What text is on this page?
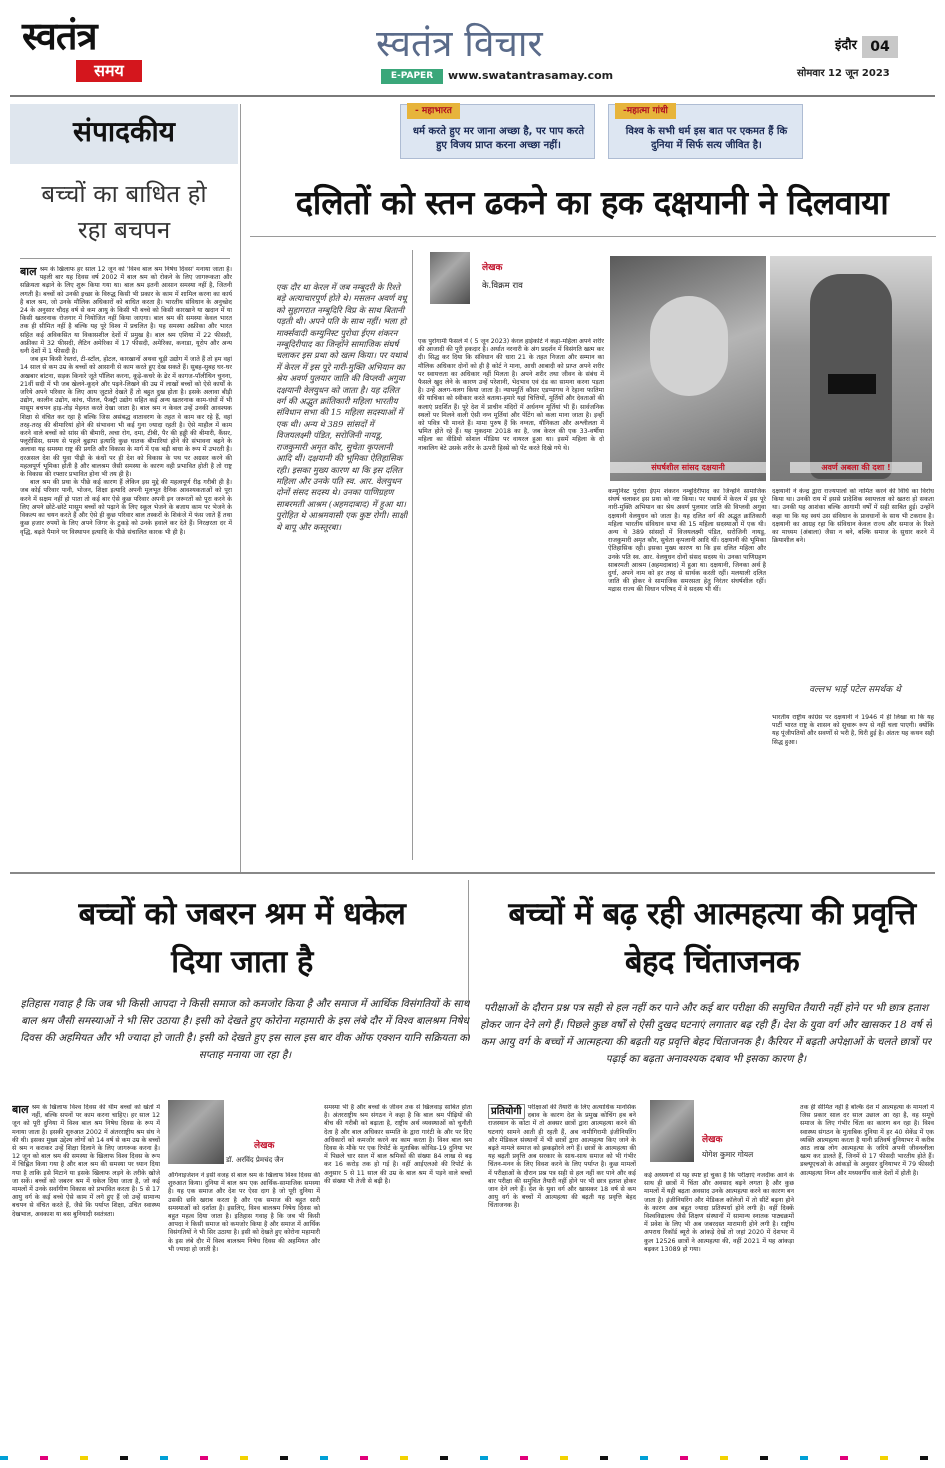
स्वतंत्र
समय
स्वतंत्र विचार
E-PAPER	www.swatantrasamay.com
इंदौर 04
सोमवार 12 जून 2023
- महाभारत
धर्म करते हुए मर जाना अच्छा है, पर पाप करते हुए विजय प्राप्त करना अच्छा नहीं।
-महात्मा गांधी
विश्व के सभी धर्म इस बात पर एकमत हैं कि दुनिया में सिर्फ सत्य जीवित है।
संपादकीय
बच्चों का बाधित हो रहा बचपन
बाल श्रम के खिलाफ हर साल 12 जून को 'विश्व बाल श्रम निषेध दिवस' मनाया जाता है। पहली बार यह दिवस वर्ष 2002 में बाल श्रम को रोकने के लिए जागरूकता और सक्रियता बढ़ाने के लिए शुरू किया गया था। बाल श्रम इतनी आसान समस्या नहीं है, जितनी लगती है। बच्चों को उनकी इच्छा के विरुद्ध किसी भी प्रकार के काम में शामिल करना का कार्य है बाल श्रम, जो उनके मौलिक अधिकारों को बाधित करता है। भारतीय संविधान के अनुच्छेद 24 के अनुसार चौदह वर्ष से कम आयु के किसी भी बच्चे को किसी कारखाने या खदान में या किसी खतरनाक रोजगार में नियोजित नहीं किया जाएगा। बाल श्रम की समस्या केवल भारत तक ही सीमित नहीं है बल्कि यह पूरे विश्व में प्रचलित है। यह समस्या अफ्रीका और भारत सहित कई अविकसित या विकासशील देशों में प्रमुख है। बाल श्रम एशिया में 22 फीसदी, अफ्रीका में 32 फीसदी, लैटिन अमेरिका में 17 फीसदी, अमेरिका, कनाडा, यूरोप और अन्य धनी देशों में 1 फीसदी है।
जब हम किसी रेस्तरां, टी-स्टॉल, होटल, कारखानों अथवा चूड़ी उद्योग में जाते हैं तो हम वहां 14 साल से कम उम्र के बच्चों को आसानी से काम करते हुए देख सकते हैं। सुबह-सुबह घर-घर अखबार बांटना, सड़क किनारे जूते पॉलिश करना, कूड़े-कचरे के ढेर में कागज-पॉलीथिन चुनना, 21वीं सदी में भी जब खेलने-कूदने और पढ़ने-लिखने की उम्र में लाखों बच्चों को ऐसे कार्यों के जरिये अपने परिवार के लिए आय जुटाते देखते हैं तो बहुत दुख होता है। इसके अलावा बीड़ी उद्योग, कालीन उद्योग, कांच, पीतल, फैक्ट्री उद्योग सहित कई अन्य खतरनाक काम-धंधों में भी मासूम बचपन हाड़-तोड़ मेहनत करते देखा जाता है। बाल श्रम न केवल उन्हें उनकी आवश्यक शिक्षा से वंचित कर रहा है बल्कि जिस असंबद्ध वातावरण के तहत वे काम कर रहे हैं, वहां तरह-तरह की बीमारियां होने की संभावना भी कई गुना ज्यादा रहती है। ऐसे माहौल में काम करने वाले बच्चों को सांस की बीमारी, त्वचा रोग, दमा, टीबी, पैर की हड्डी की बीमारी, कैंसर, फ्लूरोसिस, समय से पहले बुढ़ापा इत्यादि कुछ घातक बीमारियां होने की संभावना बढ़ने के अलावा यह समस्या राष्ट्र की प्रगति और विकास के मार्ग में एक बड़ी बाधा के रूप में उभरती है। दरअसल देश की युवा पीढ़ी के कंधों पर ही देश को विकास के पथ पर अग्रसर करने की महत्वपूर्ण भूमिका होती है और बालश्रम जैसी समस्या के कारण वही प्रभावित होती है तो राष्ट्र के विकास की रफ्तार प्रभावित होना भी तय ही है।
बाल श्रम की प्रथा के पीछे कई कारण हैं लेकिन इस मुद्दे की महत्वपूर्ण रीढ़ गरीबी ही है। जब कोई परिवार पानी, भोजन, शिक्षा इत्यादि अपनी मूलभूत दैनिक आवश्यकताओं को पूरा करने में सक्षम नहीं हो पाता तो कई बार ऐसे कुछ परिवार अपनी इन जरूरतों को पूरा करने के लिए अपने छोटे-छोटे मासूम बच्चों को पढ़ाने के लिए स्कूल भेजने के बजाय काम पर भेजने के विकल्प का चयन करते हैं और ऐसे ही कुछ परिवार बाल तस्करों के शिकंजे में फंस जाते हैं तथा कुछ हजार रुपयों के लिए अपने जिगर के टुकड़े को उनके हवाले कर देते हैं। निरक्षरता दर में वृद्धि, बढ़ते पैमाने पर विस्थापन इत्यादि के पीछे संचालित कारक भी ही है।
दलितों को स्तन ढकने का हक दक्षयानी ने दिलवाया
एक दौर था केरल में जब नम्बूदरी के रिश्ते बड़े अत्याचारपूर्ण होते थे। मसलन अवर्ण वधू को सुहागरात नम्बूदिरि विप्र के साथ बितानी पड़ती थी। अपने पति के साथ नहीं। भला हो मार्क्सवादी कम्युनिस्ट पुरोधा ईएम शंकरन नम्बूदिरीपाद का जिन्होंने सामाजिक संघर्ष चलाकर इस प्रथा को खत्म किया। पर यथार्थ में केरल में इस पूरे नारी-मुक्ति अभियान का श्रेय अवर्ण पुलयार जाति की विप्लवी अगुवा दक्षयानी वेलयुधन को जाता है। यह दलित वर्ग की अद्भुत क्रांतिकारी महिला भारतीय संविधान सभा की 15 महिला सदस्याओं में एक थी। अन्य थे 389 सांसदों में विजयलक्ष्मी पंडित, सरोजिनी नायडू, राजकुमारी अमृत कौर, सुचेता कृपलानी आदि थीं। दक्षयानी की भूमिका ऐतिहासिक रही। इसका मुख्य कारण था कि इस दलित महिला और उनके पति स्व. आर. वेलयुधन दोनों संसद सदस्य थे। उनका पाणिग्रहण साबरमती आश्रम (अहमदाबाद) में हुआ था। पुरोहित थे आश्रमवासी एक कुष्ट रोगी। साक्षी थे बापू और कस्तूरबा।
लेखक
के.विक्रम राव
एक पुरोगामी फैसले में ( 5 जून 2023) केरल हाईकोर्ट ने कहा-महिला अपने शरीर की आजादी की पूरी हकदार है। अर्थात नरनारी के अंग प्रदर्शन में विसंगति खत्म कर दी। सिद्ध कर दिया कि संविधान की धारा 21 के तहत निजता और सम्मान का मौलिक अधिकार दोनों को ही है कोर्ट ने माना, आधी आबादी को प्राप्त अपने शरीर पर स्वायत्तता का अधिकार नहीं मिलता है। अपने शरीर तथा जीवन के संबंध में फैसले खुद लेने के कारण उन्हें परेशानी, भेदभाव एवं दंड का सामना करना पड़ता है। उन्हें अलग-थलग किया जाता है। न्यायमूर्ति कौसर एडप्पागथ ने रेहाना फातिमा की याचिका को स्वीकार करते बताया-हमारे यहां चित्तियों, मूर्तियों और देवताओं की कलाएं प्रदर्शित हैं। पूरे देश में प्राचीन मंदिरों में अर्धनग्न मूर्तियां भी हैं। सार्वजनिक स्थलों पर मिलने वाली ऐसी नग्न मूर्तियां और पेंटिंग को कला माना जाता है। इन्हीं को पवित्र भी मानते हैं। मामा पुरुष हैं कि नग्नता, यौनिकता और अश्लीलता में भ्रमित होते रहे हैं। यह मुकदमा 2018 का है, जब केरल की एक 33-वर्षीया महिला का वीडियो सोशल मीडिया पर वायरल हुआ था। इसमें महिला के दो नाबालिग बेटे उसके शरीर के ऊपरी हिस्से को पेंट करते दिखे गये थे।
संघर्षशील सांसद दक्षयानी	अवर्ण अबला की दशा !
कम्युनिस्ट पुरोधा ईएम शंकरन नम्बूदिरीपाद का जिन्होंने सामाजिक संघर्ष चलाकर इस प्रथा को नष्ट किया। पर यथार्थ में केरल में इस पूरे नारी-मुक्ति अभियान का श्रेय अवर्ण पुलयार जाति की विप्लवी अगुवा दक्षयानी वेलयुधन को जाता है। यह दलित वर्ग की अद्भुत क्रांतिकारी महिला भारतीय संविधान सभा की 15 महिला सदस्याओं में एक थी। अन्य थे 389 सांसदों में विजयलक्ष्मी पंडित, सरोजिनी नायडू, राजकुमारी अमृत कौर, सुचेता कृपलानी आदि थीं। दक्षयानी की भूमिका ऐतिहासिक रही। इसका मुख्य कारण था कि इस दलित महिला और उनके पति स्व. आर. वेलयुधन दोनों संसद सदस्य थे। उनका पाणिग्रहण साबरमती आश्रम (अहमदाबाद) में हुआ था। दक्षयानी, जिनका अर्थ है दुर्गा, अपने नाम को हर तरह से सार्थक करती रहीं। मलयाली दलित जाति की होकर वे सामाजिक समरसता हेतु निरंतर संघर्षशील रहीं। मद्रास राज्य की विधान परिषद में वे सदस्य भी थीं।
दक्षयानी ने केन्द्र द्वारा राज्यपालों को नामित करने की विधि का विरोध किया था। उनकी राय में इससे प्रादेशिक स्वायत्तता को खतरा हो सकता था। उनकी यह आशंका बल्कि आगामी वर्षों में सही साबित हुई। उन्होंने कहा था कि यह स्वयं उस संविधान के प्रावधानों के साथ भी टकराव है। दक्षयानी का आग्रह रहा कि संविधान केवल राज्य और समाज के रिश्ते का माध्यम (अंबाला) जैसा न बने, बल्कि समाज के सुधार करने में क्रियाशील बने।
वल्लभ भाई पटेल समर्थक थे
भारतीय राष्ट्रीय कांग्रेस पर दक्षयानी ने 1946 में ही लिखा था कि यह पार्टी भारत राष्ट्र के शासन को सुचारू रूप से नहीं चला पाएगी। क्योंकि यह पूंजीपतियों और सवर्णों से भरी है, घिरी हुई है। अंततः यह कथन सही सिद्ध हुआ।
बच्चों को जबरन श्रम में धकेल दिया जाता है
इतिहास गवाह है कि जब भी किसी आपदा ने किसी समाज को कमजोर किया है और समाज में आर्थिक विसंगतियों के साथ बाल श्रम जैसी समस्याओं ने भी सिर उठाया है। इसी को देखते हुए कोरोना महामारी के इस लंबे दौर में विश्व बालश्रम निषेध दिवस की अहमियत और भी ज्यादा हो जाती है। इसी को देखते हुए इस साल इस बार वीक ऑफ एक्शन यानि सक्रियता का सप्ताह मनाया जा रहा है।
बाल श्रम के खिलाफ विश्व दिवस की थीम बच्चों को खेतों में नहीं, बल्कि सपनों पर काम करना चाहिए। हर साल 12 जून को पूरी दुनिया में विश्व बाल श्रम निषेध दिवस के रूप में मनाया जाता है। इसकी शुरुआत 2002 में अंतरराष्ट्रीय श्रम संघ ने की थी। इसका मुख्य उद्देश्य लोगों को 14 वर्ष से कम उम्र के बच्चों से श्रम न कराकर उन्हें शिक्षा दिलाने के लिए जागरूक करना है। 12 जून को बाल श्रम की समस्या के खिलाफ विश्व दिवस के रूप में चिह्नित किया गया है और बाल श्रम की समस्या पर ध्यान दिया गया है ताकि इसे मिटाने या इसके खिलाफ लड़ने के तरीके खोजे जा सकें। बच्चों को जबरन श्रम में धकेल दिया जाता है, जो कई मामलों में उनके सर्वांगीण विकास को प्रभावित करता है। 5 से 17 आयु वर्ग के कई बच्चे ऐसे काम में लगे हुए हैं जो उन्हें सामान्य बचपन से वंचित करते हैं, जैसे कि पर्याप्त शिक्षा, उचित स्वास्थ्य देखभाल, अवकाश या बस बुनियादी स्वतंत्रता।
लेखक
डॉ. अरविंद प्रेमचंद जैन
ऑर्गनाइजेशन ने इसी वजह से बाल श्रम के खिलाफ विश्व दिवस की शुरुआत किया। दुनिया में बाल श्रम एक आर्थिक-सामाजिक समस्या है। यह एक समाज और देश पर ऐसा दाग है जो पूरी दुनिया में उसकी छवि खराब करता है और एक समाज की बहुत सारी समस्याओं को दर्शाता है। इसलिए, विश्व बालश्रम निषेध दिवस को बहुत महत्व दिया जाता है। इतिहास गवाह है कि जब भी किसी आपदा ने किसी समाज को कमजोर किया है और समाज में आर्थिक विसंगतियों ने भी सिर उठाया है। इसी को देखते हुए कोरोना महामारी के इस लंबे दौर में विश्व बालश्रम निषेध दिवस की अहमियत और भी ज्यादा हो जाती है।
समस्या भी है और बच्चों के जीवन तक से खिलवाड़ साबित होता है। अंतरराष्ट्रीय श्रम संगठन ने कहा है कि बाल श्रम पीढ़ियों की बीच की गरीबी को बढ़ाता है, राष्ट्रीय अर्थ व्यवस्थाओं को चुनौती देता है और बाल अधिकार सम्मति के द्वारा गारंटी के और पर दिए अधिकारों को कमजोर करने का काम करता है। विश्व बाल श्रम दिवस के मौके पर एक रिपोर्ट के मुताबिक कोविड-19 दुनिया भर में पिछले चार साल में बाल श्रमिकों की संख्या 84 लाख से बढ़ कर 16 करोड़ तक हो गई है। वहीं आईएलओ की रिपोर्ट के अनुसार 5 से 11 साल की उम्र के बाल श्रम में पड़ने वाले बच्चों की संख्या भी तेजी से बढ़ी है।
बच्चों में बढ़ रही आत्महत्या की प्रवृत्ति बेहद चिंताजनक
परीक्षाओं के दौरान प्रश्न पत्र सही से हल नहीं कर पाने और कई बार परीक्षा की समुचित तैयारी नहीं होने पर भी छात्र हताश होकर जान देने लगे हैं। पिछले कुछ वर्षों से ऐसी दुखद घटनाएं लगातार बढ़ रही हैं। देश के युवा वर्ग और खासकर 18 वर्ष से कम आयु वर्ग के बच्चों में आत्महत्या की बढ़ती यह प्रवृत्ति बेहद चिंताजनक है। कैरियर में बढ़ती अपेक्षाओं के चलते छात्रों पर पढ़ाई का बढ़ता अनावश्यक दबाव भी इसका कारण है।
प्रतियोगी परीक्षाओं की तैयारी के लिए अत्याधिक मानसिक दबाव के कारण देश के प्रमुख कोचिंग हब बने राजस्थान के कोटा में तो अक्सर छात्रों द्वारा आत्महत्या करने की घटनाएं सामने आती ही रहती हैं, अब नामीगिरामी इंजीनियरिंग और मेडिकल संस्थानों में भी छात्रों द्वारा आत्महत्या किए जाने के बढ़ते मामले समाज को झकझोरने लगे हैं। छात्रों के आत्महत्या की यह बढ़ती प्रवृत्ति अब सरकार के साथ-साथ समाज को भी गंभीर चिंतन-मनन के लिए विवश करने के लिए पर्याप्त है। कुछ मामलों में परीक्षाओं के दौरान प्रश्न पत्र सही से हल नहीं कर पाने और कई बार परीक्षा की समुचित तैयारी नहीं होने पर भी छात्र हताश होकर जान देने लगे हैं। देश के युवा वर्ग और खासकर 18 वर्ष से कम आयु वर्ग के बच्चों में आत्महत्या की बढ़ती यह प्रवृत्ति बेहद चिंताजनक है।
लेखक
योगेश कुमार गोयल
कई अध्ययनों से यह स्पष्ट हो चुका है कि परीक्षाएं नजदीक आने के साथ ही छात्रों में चिंता और अवसाद बढ़ने लगता है और कुछ मामलों में यही बढ़ता अवसाद उनके आत्महत्या करने का कारण बन जाता है। इंजीनियरिंग और मेडिकल कॉलेजों में तो सीटें बढ़ना होने के कारण अब बहुत ज्यादा प्रतिस्पर्धा होने लगी है। वहीं दिक्कें विश्वविद्यालय जैसे शिक्षण संस्थानों में सामान्य स्नातक पाठ्यक्रमों में प्रवेश के लिए भी अब जबरदस्त मारामारी होने लगी है। राष्ट्रीय अपराध रिकॉर्ड ब्यूरो के आंकड़े देखें तो जहां 2020 में देशभर में कुल 12526 छात्रों ने आत्महत्या की, वहीं 2021 में यह आंकड़ा बढ़कर 13089 हो गया।
तक ही सीमित नहीं है बल्कि देश में आत्महत्या के मामलों में जिस प्रकार साल दर साल उछाल आ रहा है, वह समूचे समाज के लिए गंभीर चिंता का कारण बन रहा है। विश्व स्वास्थ्य संगठन के मुताबिक दुनिया में हर 40 सेकेंड में एक व्यक्ति आत्महत्या करता है यानी प्रतिवर्ष दुनियाभर में करीब आठ लाख लोग आत्महत्या के जरिये अपनी जीवनलीला खत्म कर डालते हैं, जिनमें से 17 फीसदी भारतीय होते हैं। डब्ल्यूएचओ के आंकड़ों के अनुसार दुनियाभर में 79 फीसदी आत्महत्या निम्न और मध्यवर्गीय वाले देशों में होती है।
